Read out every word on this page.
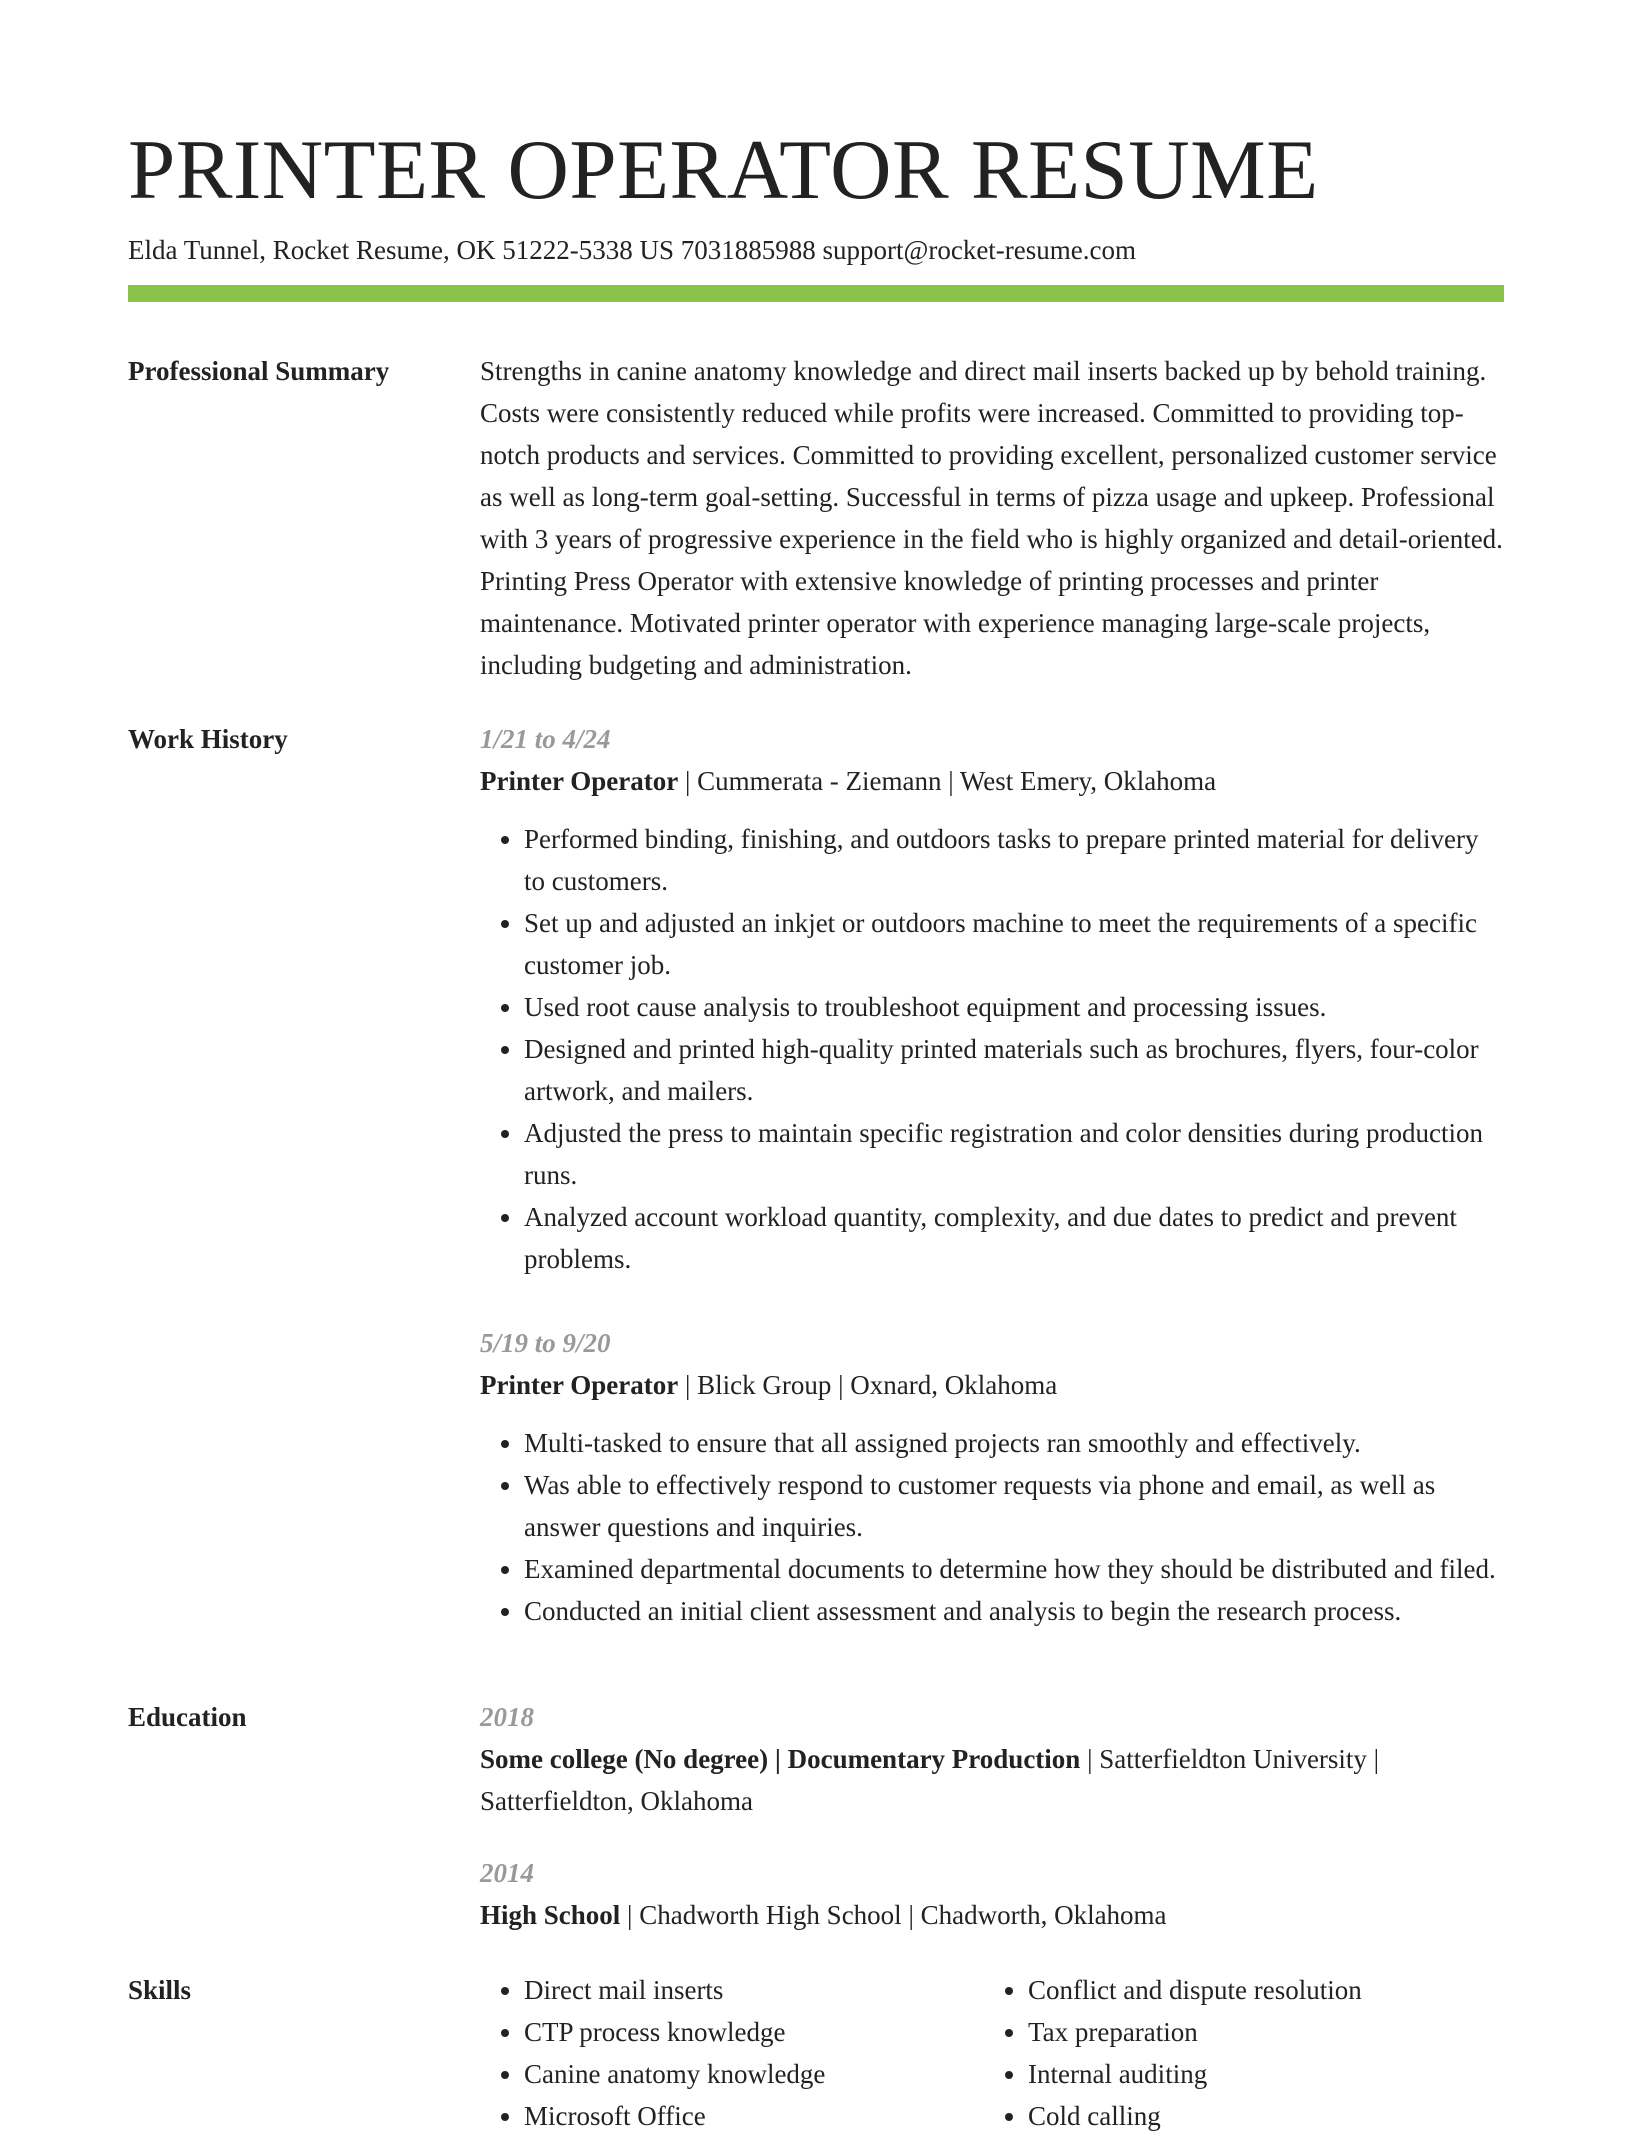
PRINTER OPERATOR RESUME
Elda Tunnel, Rocket Resume, OK 51222-5338 US 7031885988 support@rocket-resume.com
Professional Summary	Strengths in canine anatomy knowledge and direct mail inserts backed up by behold training. Costs were consistently reduced while profits were increased. Committed to providing top-notch products and services. Committed to providing excellent, personalized customer service as well as long-term goal-setting. Successful in terms of pizza usage and upkeep. Professional with 3 years of progressive experience in the field who is highly organized and detail-oriented. Printing Press Operator with extensive knowledge of printing processes and printer maintenance. Motivated printer operator with experience managing large-scale projects, including budgeting and administration.

Work History	1/21 to 4/24
Printer Operator | Cummerata - Ziemann | West Emery, Oklahoma
• Performed binding, finishing, and outdoors tasks to prepare printed material for delivery to customers.
• Set up and adjusted an inkjet or outdoors machine to meet the requirements of a specific customer job.
• Used root cause analysis to troubleshoot equipment and processing issues.
• Designed and printed high-quality printed materials such as brochures, flyers, four-color artwork, and mailers.
• Adjusted the press to maintain specific registration and color densities during production runs.
• Analyzed account workload quantity, complexity, and due dates to predict and prevent problems.
5/19 to 9/20
Printer Operator | Blick Group | Oxnard, Oklahoma
• Multi-tasked to ensure that all assigned projects ran smoothly and effectively.
• Was able to effectively respond to customer requests via phone and email, as well as answer questions and inquiries.
• Examined departmental documents to determine how they should be distributed and filed.
• Conducted an initial client assessment and analysis to begin the research process.
Education	2018
Some college (No degree) | Documentary Production | Satterfieldton University | Satterfieldton, Oklahoma
2014
High School | Chadworth High School | Chadworth, Oklahoma
Skills
•	Direct mail inserts
• CTP process knowledge
• Canine anatomy knowledge
• Microsoft Office
• Conflict and dispute resolution
• Tax preparation
• Internal auditing
• Cold calling
